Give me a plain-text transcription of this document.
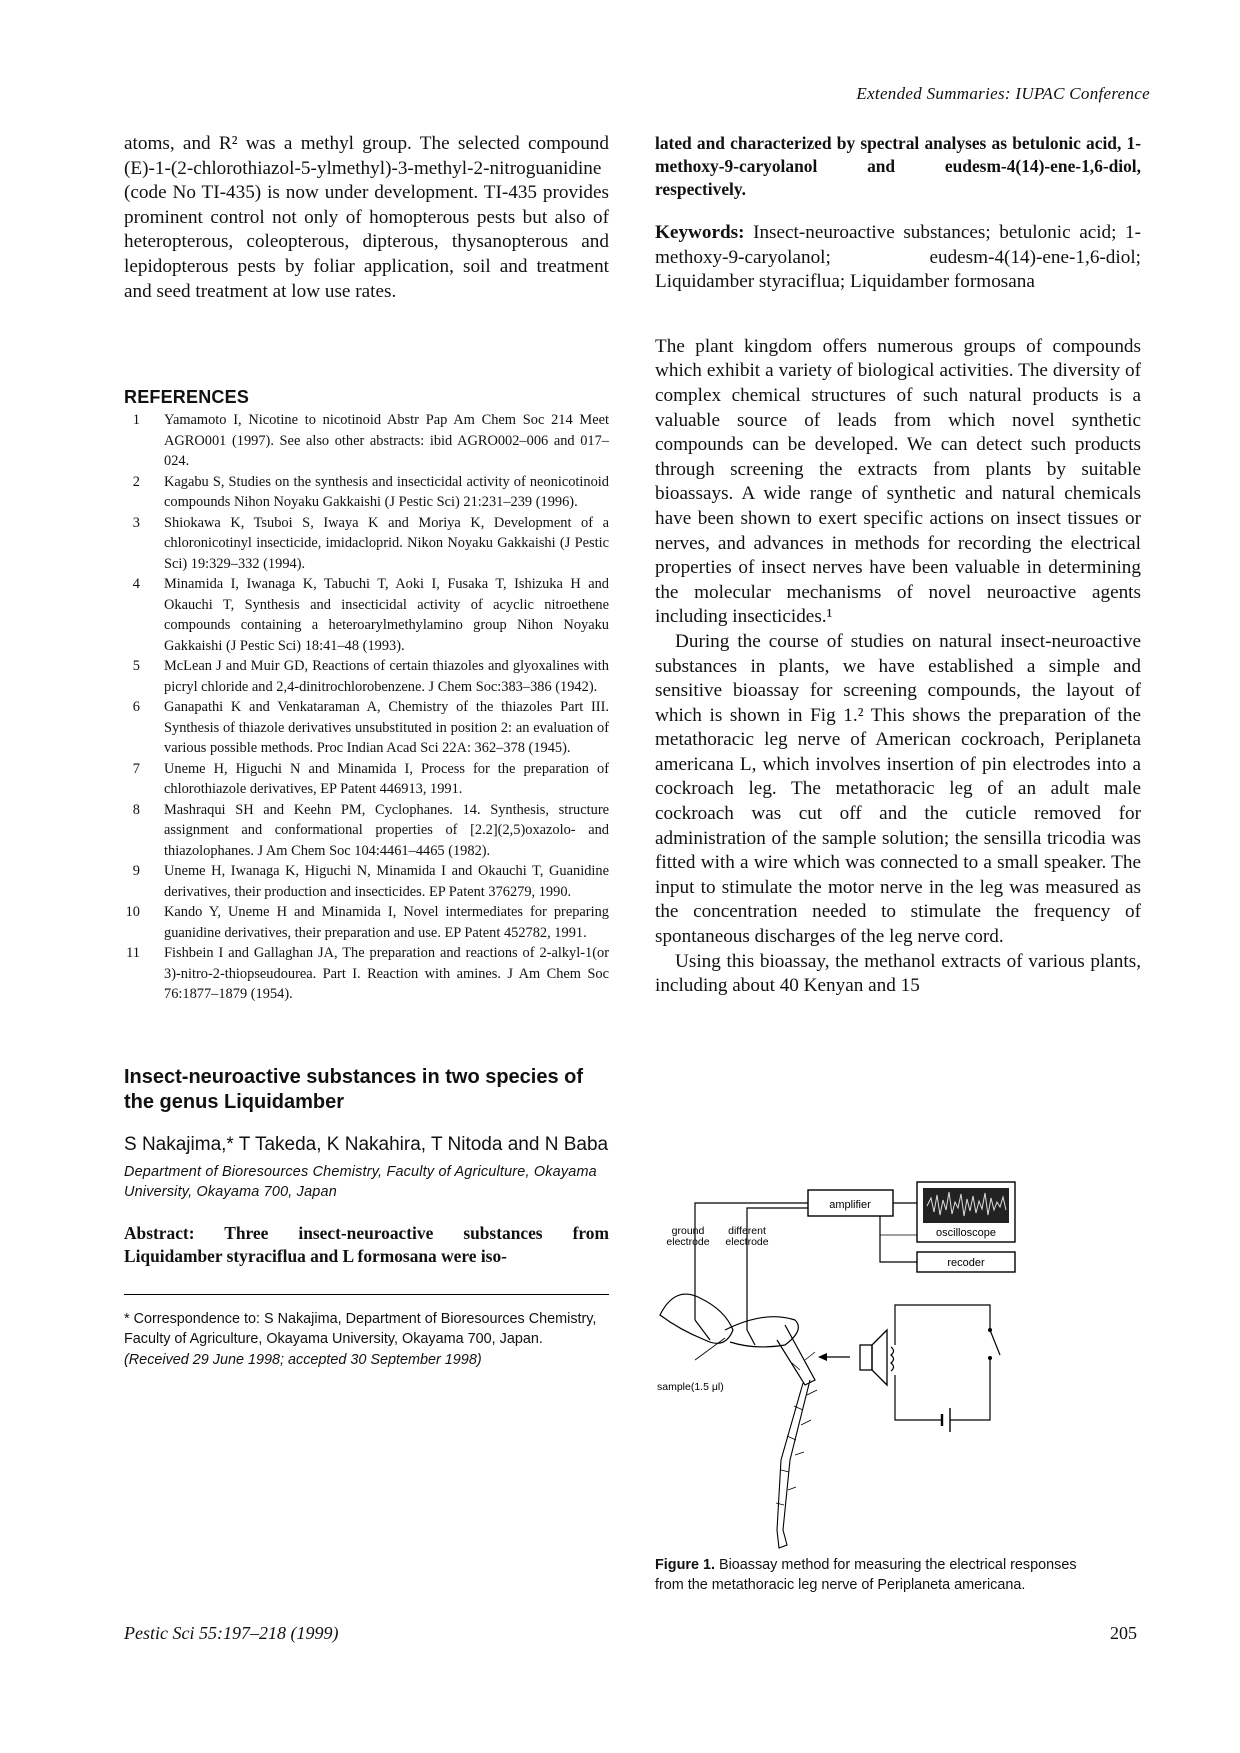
Extended Summaries: IUPAC Conference

atoms, and R² was a methyl group. The selected compound (E)-1-(2-chlorothiazol-5-ylmethyl)-3-methyl-2-nitroguanidine (code No TI-435) is now under development. TI-435 provides prominent control not only of homopterous pests but also of heteropterous, coleopterous, dipterous, thysanopterous and lepidopterous pests by foliar application, soil and treatment and seed treatment at low use rates.

REFERENCES
1 Yamamoto I, Nicotine to nicotinoid Abstr Pap Am Chem Soc 214 Meet AGRO001 (1997). See also other abstracts: ibid AGRO002–006 and 017–024.
2 Kagabu S, Studies on the synthesis and insecticidal activity of neonicotinoid compounds Nihon Noyaku Gakkaishi (J Pestic Sci) 21:231–239 (1996).
3 Shiokawa K, Tsuboi S, Iwaya K and Moriya K, Development of a chloronicotinyl insecticide, imidacloprid. Nikon Noyaku Gakkaishi (J Pestic Sci) 19:329–332 (1994).
4 Minamida I, Iwanaga K, Tabuchi T, Aoki I, Fusaka T, Ishizuka H and Okauchi T, Synthesis and insecticidal activity of acyclic nitroethene compounds containing a heteroarylmethylamino group Nihon Noyaku Gakkaishi (J Pestic Sci) 18:41–48 (1993).
5 McLean J and Muir GD, Reactions of certain thiazoles and glyoxalines with picryl chloride and 2,4-dinitrochlorobenzene. J Chem Soc:383–386 (1942).
6 Ganapathi K and Venkataraman A, Chemistry of the thiazoles Part III. Synthesis of thiazole derivatives unsubstituted in position 2: an evaluation of various possible methods. Proc Indian Acad Sci 22A: 362–378 (1945).
7 Uneme H, Higuchi N and Minamida I, Process for the preparation of chlorothiazole derivatives, EP Patent 446913, 1991.
8 Mashraqui SH and Keehn PM, Cyclophanes. 14. Synthesis, structure assignment and conformational properties of [2.2](2,5)oxazolo- and thiazolophanes. J Am Chem Soc 104:4461–4465 (1982).
9 Uneme H, Iwanaga K, Higuchi N, Minamida I and Okauchi T, Guanidine derivatives, their production and insecticides. EP Patent 376279, 1990.
10 Kando Y, Uneme H and Minamida I, Novel intermediates for preparing guanidine derivatives, their preparation and use. EP Patent 452782, 1991.
11 Fishbein I and Gallaghan JA, The preparation and reactions of 2-alkyl-1(or 3)-nitro-2-thiopseudourea. Part I. Reaction with amines. J Am Chem Soc 76:1877–1879 (1954).
Insect-neuroactive substances in two species of the genus Liquidamber

S Nakajima,* T Takeda, K Nakahira, T Nitoda and N Baba

Department of Bioresources Chemistry, Faculty of Agriculture, Okayama University, Okayama 700, Japan

Abstract: Three insect-neuroactive substances from Liquidamber styraciflua and L formosana were iso-

* Correspondence to: S Nakajima, Department of Bioresources Chemistry, Faculty of Agriculture, Okayama University, Okayama 700, Japan.

(Received 29 June 1998; accepted 30 September 1998)

lated and characterized by spectral analyses as betulonic acid, 1-methoxy-9-caryolanol and eudesm-4(14)-ene-1,6-diol, respectively.

Keywords: Insect-neuroactive substances; betulonic acid; 1-methoxy-9-caryolanol; eudesm-4(14)-ene-1,6-diol; Liquidamber styraciflua; Liquidamber formosana

The plant kingdom offers numerous groups of compounds which exhibit a variety of biological activities. The diversity of complex chemical structures of such natural products is a valuable source of leads from which novel synthetic compounds can be developed. We can detect such products through screening the extracts from plants by suitable bioassays. A wide range of synthetic and natural chemicals have been shown to exert specific actions on insect tissues or nerves, and advances in methods for recording the electrical properties of insect nerves have been valuable in determining the molecular mechanisms of novel neuroactive agents including insecticides.¹

During the course of studies on natural insect-neuroactive substances in plants, we have established a simple and sensitive bioassay for screening compounds, the layout of which is shown in Fig 1.² This shows the preparation of the metathoracic leg nerve of American cockroach, Periplaneta americana L, which involves insertion of pin electrodes into a cockroach leg. The metathoracic leg of an adult male cockroach was cut off and the cuticle removed for administration of the sample solution; the sensilla tricodia was fitted with a wire which was connected to a small speaker. The input to stimulate the motor nerve in the leg was measured as the concentration needed to stimulate the frequency of spontaneous discharges of the leg nerve cord.

Using this bioassay, the methanol extracts of various plants, including about 40 Kenyan and 15

amplifier
oscilloscope
recoder
ground
electrode
different
electrode
sample(1.5 μl)

Figure 1. Bioassay method for measuring the electrical responses from the metathoracic leg nerve of Periplaneta americana.

Pestic Sci 55:197–218 (1999)	205
